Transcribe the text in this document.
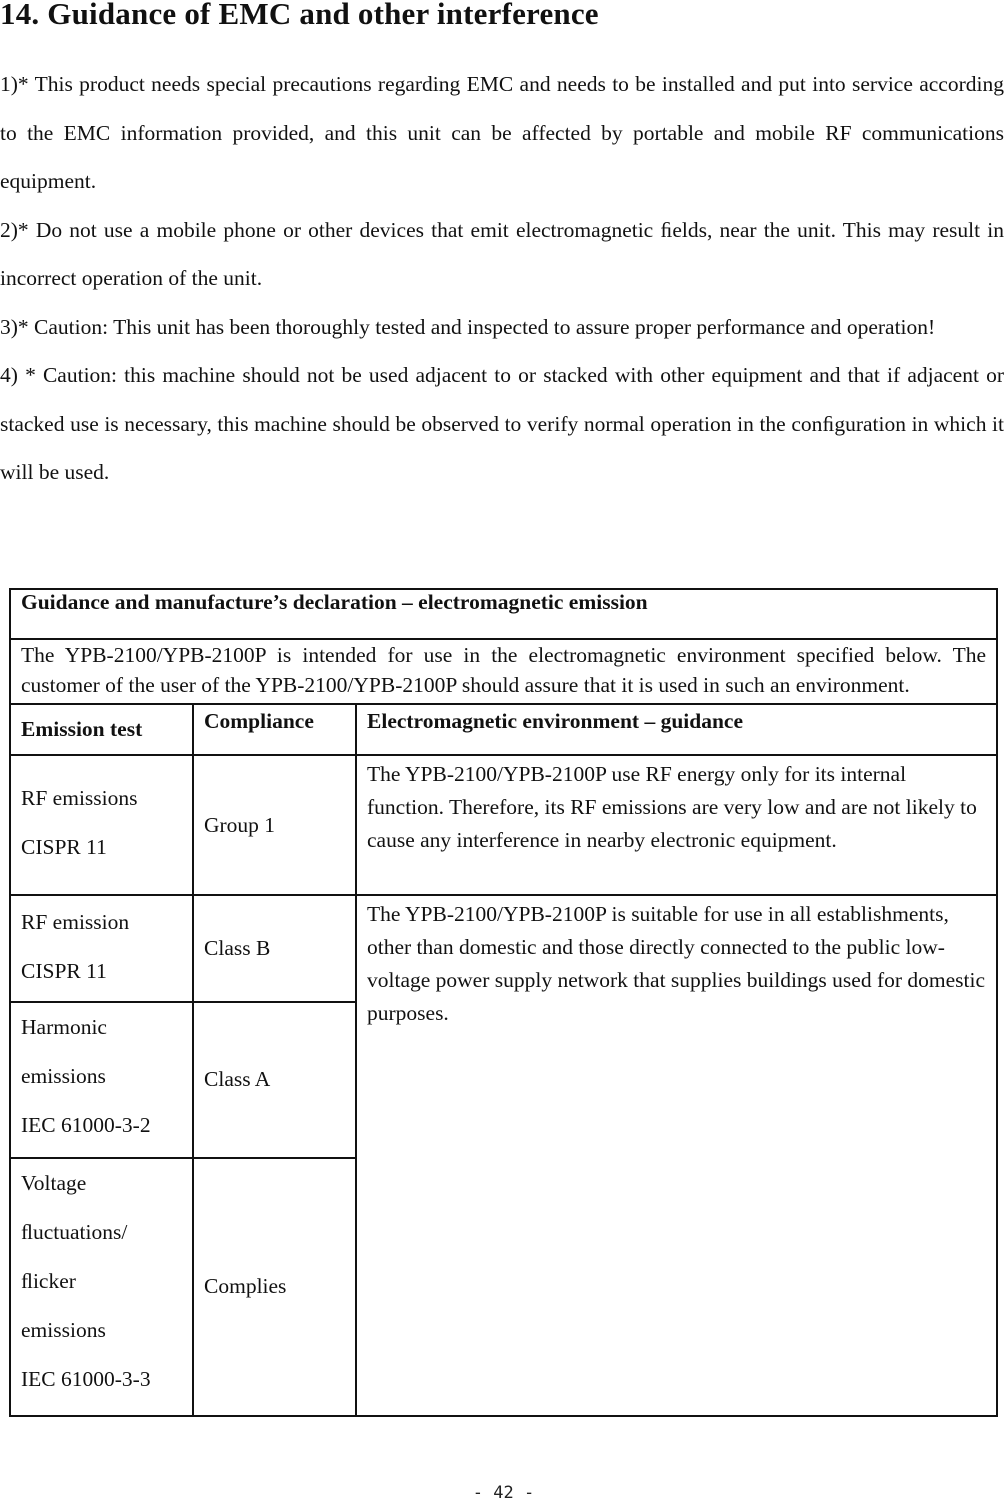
14. Guidance of EMC and other interference

1)* This product needs special precautions regarding EMC and needs to be installed and put into service according to the EMC information provided, and this unit can be affected by portable and mobile RF communications equipment.

2)* Do not use a mobile phone or other devices that emit electromagnetic ﬁelds, near the unit. This may result in incorrect operation of the unit.

3)* Caution: This unit has been thoroughly tested and inspected to assure proper performance and operation!

4) * Caution: this machine should not be used adjacent to or stacked with other equipment and that if adjacent or stacked use is necessary, this machine should be observed to verify normal operation in the conﬁguration in which it will be used.

Guidance and manufacture’s declaration – electromagnetic emission		
The YPB-2100/YPB-2100P is intended for use in the electromagnetic environment specified below. The customer of the user of the YPB-2100/YPB-2100P should assure that it is used in such an environment.		
Emission test	Compliance	Electromagnetic environment – guidance

RF emissions
CISPR 11	Group 1	The YPB-2100/YPB-2100P use RF energy only for its internal function. Therefore, its RF emissions are very low and are not likely to cause any interference in nearby electronic equipment.

RF emission
CISPR 11	Class B	The YPB-2100/YPB-2100P is suitable for use in all establishments, other than domestic and those directly connected to the public low-voltage power supply network that supplies buildings used for domestic purposes.

Harmonic
emissions
IEC 61000-3-2	Class A	

Voltage
ﬂuctuations/
ﬂicker
emissions
IEC 61000-3-3	Complies	
- 42 -
